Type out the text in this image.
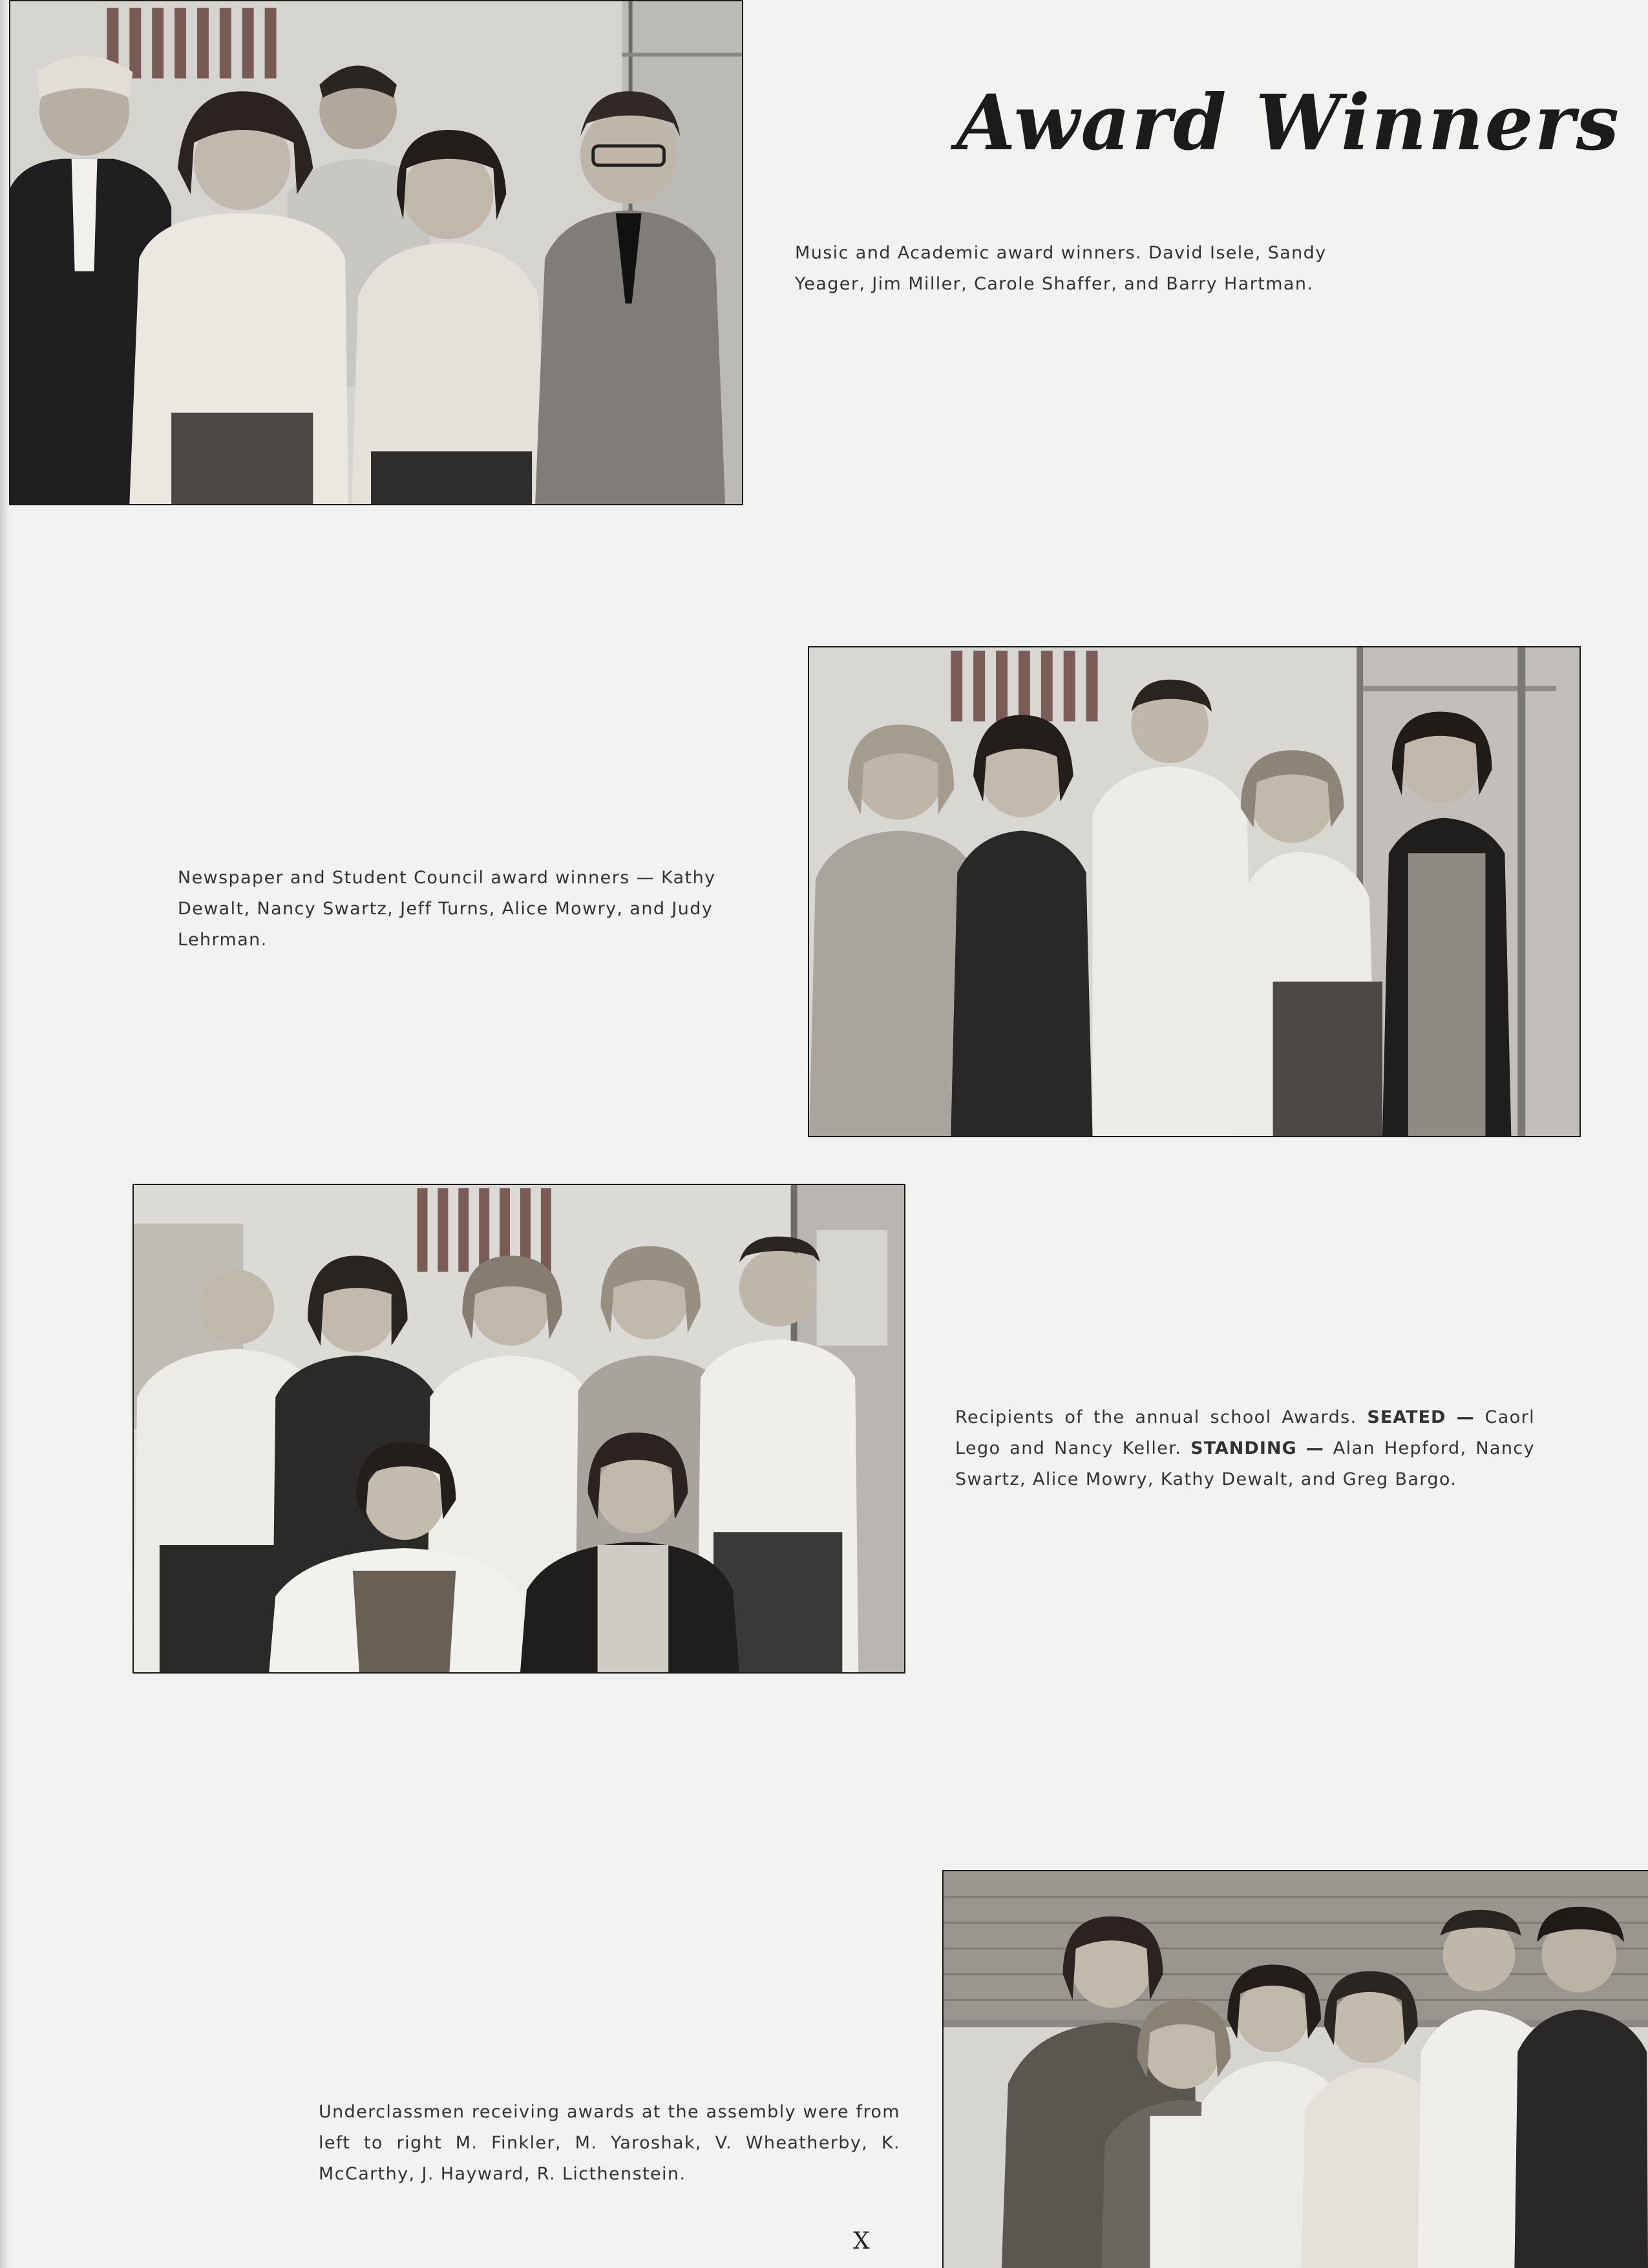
Award Winners
Music and Academic award winners. David Isele, Sandy Yeager, Jim Miller, Carole Shaffer, and Barry Hartman.
Newspaper and Student Council award winners — Kathy Dewalt, Nancy Swartz, Jeff Turns, Alice Mowry, and Judy Lehrman.
Recipients of the annual school Awards. SEATED — Caorl Lego and Nancy Keller. STANDING — Alan Hepford, Nancy Swartz, Alice Mowry, Kathy Dewalt, and Greg Bargo.
Underclassmen receiving awards at the assembly were from left to right M. Finkler, M. Yaroshak, V. Wheatherby, K. McCarthy, J. Hayward, R. Licthenstein.
X
